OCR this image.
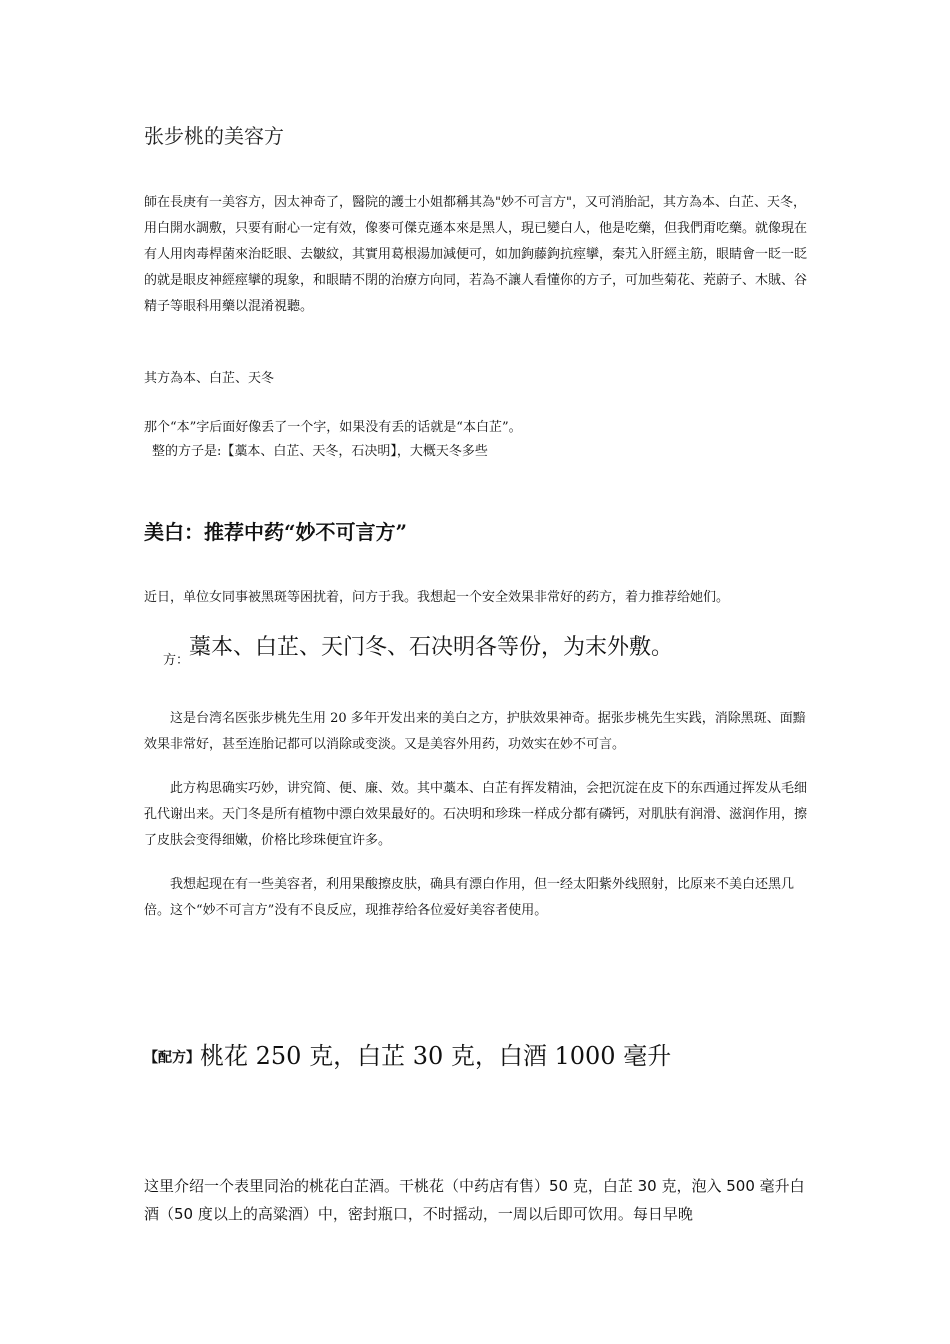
张步桃的美容方
師在長庚有一美容方，因太神奇了，醫院的護士小姐都稱其為"妙不可言方"，又可消胎記，其方為本、白芷、天冬，用白開水調敷，只要有耐心一定有效，像麥可傑克遜本來是黑人，現已變白人，他是吃藥，但我們甭吃藥。就像現在有人用肉毒桿菌來治眨眼、去皺紋，其實用葛根湯加減便可，如加鉤藤鉤抗痙攣，秦艽入肝經主筋，眼睛會一眨一眨的就是眼皮神經痙攣的現象，和眼睛不閉的治療方向同，若為不讓人看懂你的方子，可加些菊花、茺蔚子、木賊、谷精子等眼科用藥以混淆視聽。
其方為本、白芷、天冬
那个“本”字后面好像丢了一个字，如果没有丢的话就是“本白芷”。
整的方子是:【藁本、白芷、天冬，石决明】，大概天冬多些
美白：推荐中药“妙不可言方”
近日，单位女同事被黑斑等困扰着，问方于我。我想起一个安全效果非常好的药方，着力推荐给她们。
$_{方:}$藁本、白芷、天门冬、石决明各等份，为末外敷。

这是台湾名医张步桃先生用 20 多年开发出来的美白之方，护肤效果神奇。据张步桃先生实践，消除黑斑、面黯效果非常好，甚至连胎记都可以消除或变淡。又是美容外用药，功效实在妙不可言。

此方构思确实巧妙，讲究简、便、廉、效。其中藁本、白芷有挥发精油，会把沉淀在皮下的东西通过挥发从毛细孔代谢出来。天门冬是所有植物中漂白效果最好的。石决明和珍珠一样成分都有磷钙，对肌肤有润滑、滋润作用，擦了皮肤会变得细嫩，价格比珍珠便宜许多。

我想起现在有一些美容者，利用果酸擦皮肤，确具有漂白作用，但一经太阳紫外线照射，比原来不美白还黑几倍。这个“妙不可言方”没有不良反应，现推荐给各位爱好美容者使用。

【配方】桃花 250 克，白芷 30 克，白酒 1000 毫升
这里介绍一个表里同治的桃花白芷酒。干桃花（中药店有售）50 克，白芷 30 克，泡入 500 毫升白酒（50 度以上的高粱酒）中，密封瓶口，不时摇动，一周以后即可饮用。每日早晚
